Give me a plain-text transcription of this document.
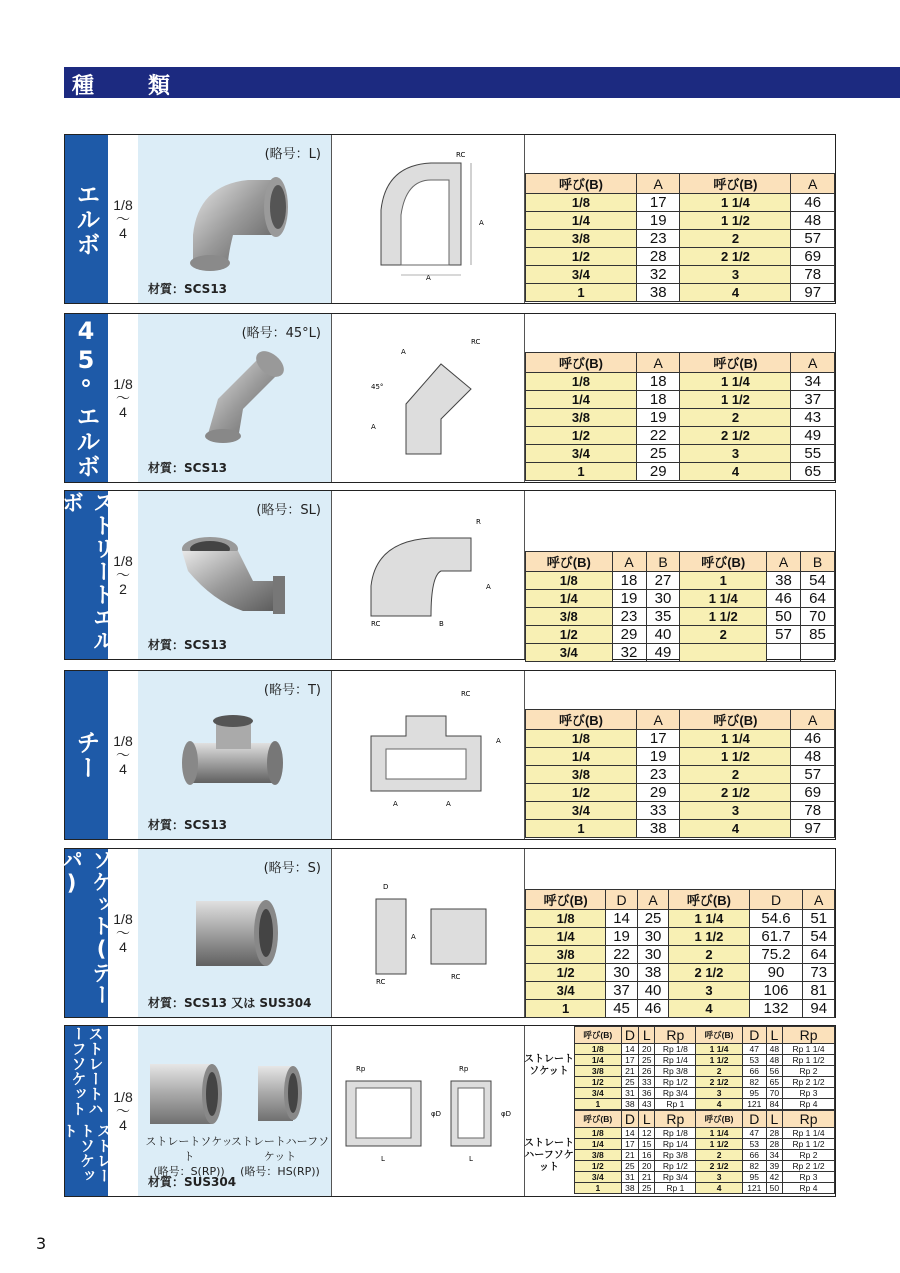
種　類
エルボ 1/8
〜
4
(略号：L)
材質：SCS13
RC
A
A
呼び(B)	A	呼び(B)	A
1/8	17	1 1/4	46
1/4	19	1 1/2	48
3/8	23	2	57
1/2	28	2 1/2	69
3/4	32	3	78
1	38	4	97
45°エルボ 1/8
〜
4
(略号：45°L)
材質：SCS13
RC
A
45°
A
呼び(B)	A	呼び(B)	A
1/8	18	1 1/4	34
1/4	18	1 1/2	37
3/8	19	2	43
1/2	22	2 1/2	49
3/4	25	3	55
1	29	4	65
ストリートエルボ
1/8
〜
2
(略号：SL)
材質：SCS13
R
A
RC	B
呼び(B)	A	B	呼び(B)	A	B
1/8	18	27	1	38	54
1/4	19	30	1 1/4	46	64
3/8	23	35	1 1/2	50	70
1/2	29	40	2	57	85
3/4	32	49			
チー 1/8
〜
4
(略号：T)
材質：SCS13
RC
A
A	A
呼び(B)	A	呼び(B)	A
1/8	17	1 1/4	46
1/4	19	1 1/2	48
3/8	23	2	57
1/2	29	2 1/2	69
3/4	33	3	78
1	38	4	97
ソケット(テーパ)
1/8
〜
4
(略号：S)
材質：SCS13 又は SUS304
D
A
RC
RC
呼び(B)	D	A	呼び(B)	D	A
1/8	14	25	1 1/4	54.6	51
1/4	19	30	1 1/2	61.7	54
3/8	22	30	2	75.2	64
1/2	30	38	2 1/2	90	73
3/4	37	40	3	106	81
1	45	46	4	132	94
ストレートハーフソケット
ストレートソケット
1/8
〜
4
ストレートソケット
(略号：S(RP))
ストレートハーフソケット
(略号：HS(RP))
材質：SUS304
Rp
φD
L
Rp
φD
L
ストレート
ソケット
ストレート
ハーフソケット
呼び(B)	D	L	Rp	呼び(B)	D	L	Rp
1/8	14	20	Rp 1/8	1 1/4	47	48	Rp 1 1/4
1/4	17	25	Rp 1/4	1 1/2	53	48	Rp 1 1/2
3/8	21	26	Rp 3/8	2	66	56	Rp 2
1/2	25	33	Rp 1/2	2 1/2	82	65	Rp 2 1/2
3/4	31	36	Rp 3/4	3	95	70	Rp 3
1	38	43	Rp 1	4	121	84	Rp 4
呼び(B)	D	L	Rp	呼び(B)	D	L	Rp
1/8	14	12	Rp 1/8	1 1/4	47	28	Rp 1 1/4
1/4	17	15	Rp 1/4	1 1/2	53	28	Rp 1 1/2
3/8	21	16	Rp 3/8	2	66	34	Rp 2
1/2	25	20	Rp 1/2	2 1/2	82	39	Rp 2 1/2
3/4	31	21	Rp 3/4	3	95	42	Rp 3
1	38	25	Rp 1	4	121	50	Rp 4
3
